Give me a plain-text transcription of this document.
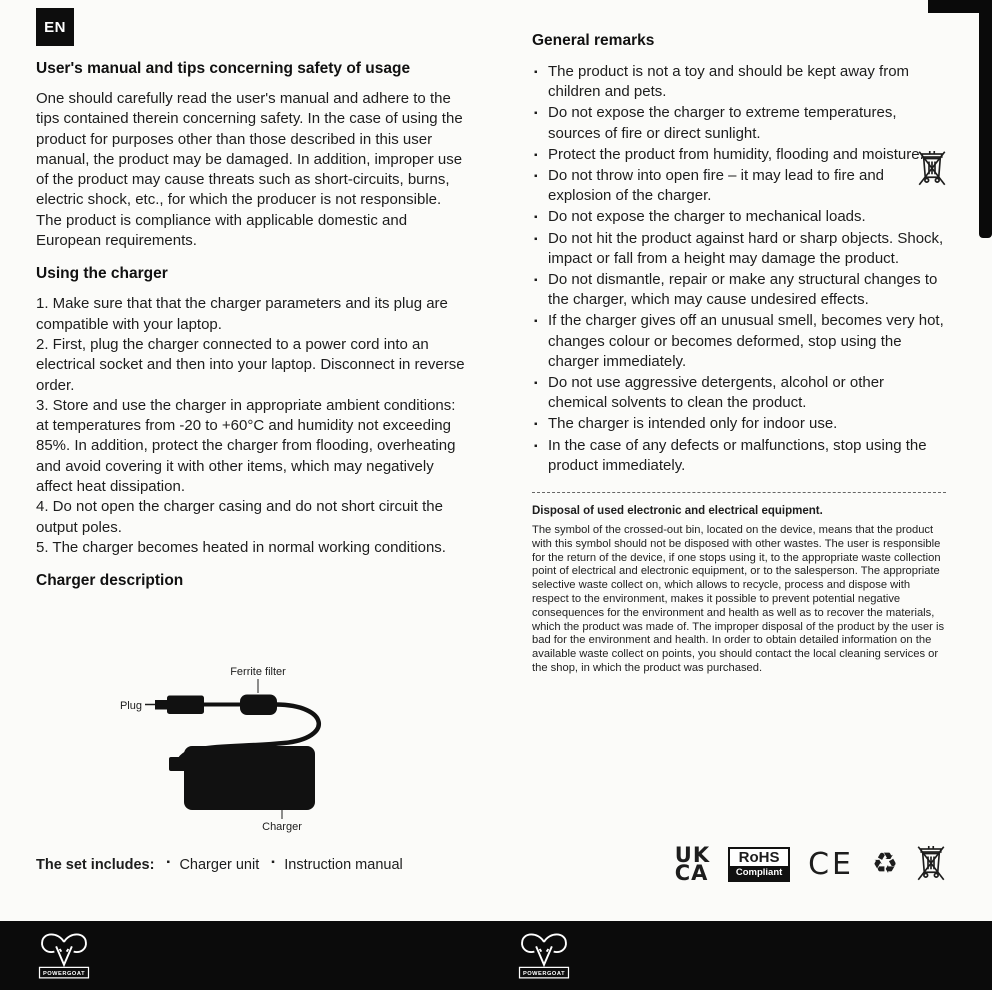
EN
User's manual and tips concerning safety of usage

One should carefully read the user's manual and adhere to the tips contained therein concerning safety. In the case of using the product for purposes other than those described in this user manual, the product may be damaged. In addition, improper use of the product may cause threats such as short-circuits, burns, electric shock, etc., for which the producer is not responsible. The product is compliance with applicable domestic and European requirements.

Using the charger
1. Make sure that that the charger parameters and its plug are compatible with your laptop.
2. First, plug the charger connected to a power cord into an electrical socket and then into your laptop. Disconnect in reverse order.
3. Store and use the charger in appropriate ambient conditions: at temperatures from -20 to +60°C and humidity not exceeding 85%. In addition, protect the charger from flooding, overheating and avoid covering it with other items, which may negatively affect heat dissipation.
4. Do not open the charger casing and do not short circuit the output poles.
5. The charger becomes heated in normal working conditions.
Charger description
Ferrite filter
Plug
Charger
The set includes:	▪ Charger unit	▪ Instruction manual
General remarks
▪ The product is not a toy and should be kept away from children and pets.
▪ Do not expose the charger to extreme temperatures, sources of fire or direct sunlight.
▪ Protect the product from humidity, flooding and moisture.
▪ Do not throw into open fire – it may lead to fire and explosion of the charger.
▪ Do not expose the charger to mechanical loads.
▪ Do not hit the product against hard or sharp objects. Shock, impact or fall from a height may damage the product.
▪ Do not dismantle, repair or make any structural changes to the charger, which may cause undesired effects.
▪ If the charger gives off an unusual smell, becomes very hot, changes colour or becomes deformed, stop using the charger immediately.
▪ Do not use aggressive detergents, alcohol or other chemical solvents to clean the product.
▪ The charger is intended only for indoor use.
▪ In the case of any defects or malfunctions, stop using the product immediately.
Disposal of used electronic and electrical equipment.
The symbol of the crossed-out bin, located on the device, means that the product with this symbol should not be disposed with other wastes. The user is responsible for the return of the device, if one stops using it, to the appropriate waste collection point of electrical and electronic equipment, or to the salesperson. The appropriate selective waste collect on, which allows to recycle, process and dispose with respect to the environment, makes it possible to prevent potential negative consequences for the environment and health as well as to recover the materials, which the product was made of. The improper disposal of the product by the user is bad for the environment and health. In order to obtain detailed information on the available waste collect on points, you should contact the local cleaning services or the shop, in which the product was purchased.
UK
CA
RoHS
Compliant CE ♻
POWERGOAT	POWERGOAT
